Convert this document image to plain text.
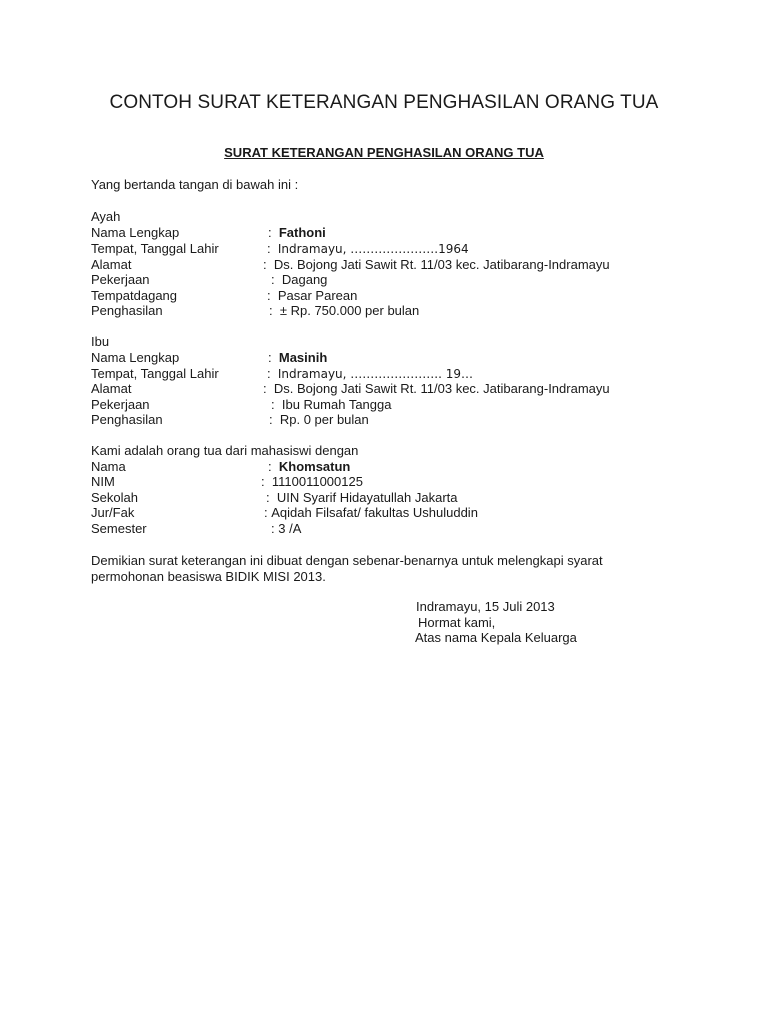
CONTOH SURAT KETERANGAN PENGHASILAN ORANG TUA
SURAT KETERANGAN PENGHASILAN ORANG TUA
Yang bertanda tangan di bawah ini :
Ayah
Nama Lengkap	: Fathoni
Tempat, Tanggal Lahir	: Indramayu, ………………….1964
Alamat	: Ds. Bojong Jati Sawit Rt. 11/03 kec. Jatibarang-Indramayu
Pekerjaan	: Dagang
Tempatdagang	: Pasar Parean
Penghasilan	: ± Rp. 750.000 per bulan
Ibu
Nama Lengkap	: Masinih
Tempat, Tanggal Lahir	: Indramayu, ………………….. 19…
Alamat	: Ds. Bojong Jati Sawit Rt. 11/03 kec. Jatibarang-Indramayu
Pekerjaan	: Ibu Rumah Tangga
Penghasilan	: Rp. 0 per bulan
Kami adalah orang tua dari mahasiswi dengan
Nama	: Khomsatun
NIM	: 1110011000125
Sekolah	: UIN Syarif Hidayatullah Jakarta
Jur/Fak	: Aqidah Filsafat/ fakultas Ushuluddin
Semester	: 3 /A
Demikian surat keterangan ini dibuat dengan sebenar-benarnya untuk melengkapi syarat
permohonan beasiswa BIDIK MISI 2013.
Indramayu, 15 Juli 2013
Hormat kami,
Atas nama Kepala Keluarga
